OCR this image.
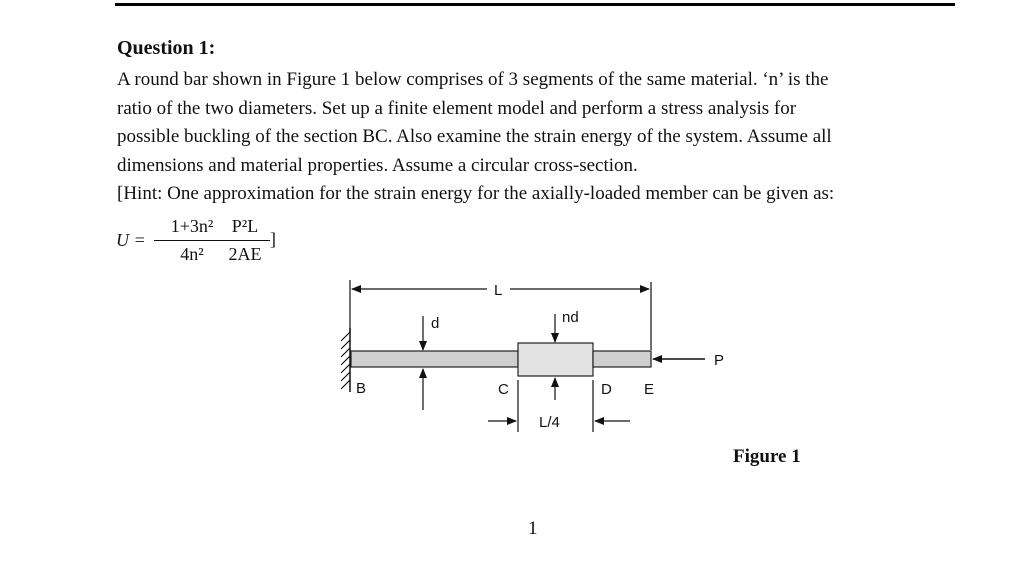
Question 1:

A round bar shown in Figure 1 below comprises of 3 segments of the same material. ‘n’ is the
ratio of the two diameters. Set up a finite element model and perform a stress analysis for
possible buckling of the section BC. Also examine the strain energy of the system. Assume all
dimensions and material properties. Assume a circular cross-section.
[Hint: One approximation for the strain energy for the axially-loaded member can be given as:

U =
1+3n²
4n²
P²L
2AE
]
L
d	nd
P
B	C	D E
L/4
Figure 1
1
